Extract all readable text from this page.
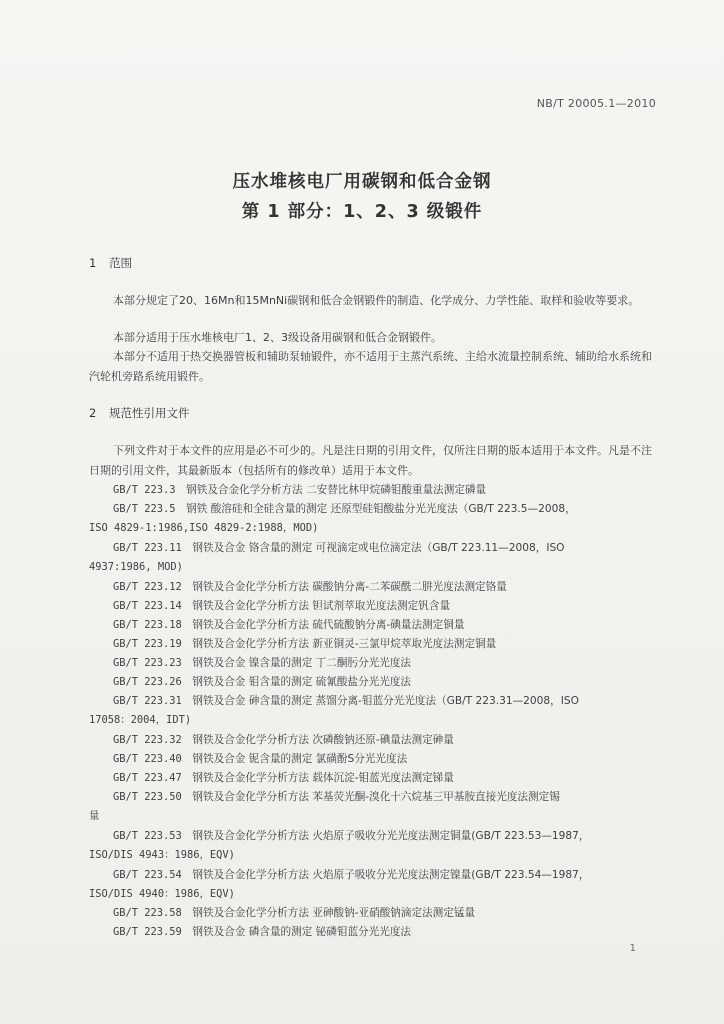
NB/T 20005.1—2010
压水堆核电厂用碳钢和低合金钢
第 1 部分：1、2、3 级锻件
1 范围
本部分规定了20、16Mn和15MnNi碳钢和低合金钢锻件的制造、化学成分、力学性能、取样和验收等要求。
本部分适用于压水堆核电厂1、2、3级设备用碳钢和低合金钢锻件。
本部分不适用于热交换器管板和辅助泵轴锻件，亦不适用于主蒸汽系统、主给水流量控制系统、辅助给水系统和汽轮机旁路系统用锻件。
2 规范性引用文件
下列文件对于本文件的应用是必不可少的。凡是注日期的引用文件，仅所注日期的版本适用于本文件。凡是不注日期的引用文件，其最新版本（包括所有的修改单）适用于本文件。
GB/T 223.3   钢铁及合金化学分析方法 二安替比林甲烷磷钼酸重量法测定磷量
GB/T 223.5   钢铁 酸溶硅和全硅含量的测定 还原型硅钼酸盐分光光度法（GB/T 223.5—2008，
ISO 4829-1:1986,ISO 4829-2:1988，MOD)
GB/T 223.11   钢铁及合金 铬含量的测定 可视滴定或电位滴定法（GB/T 223.11—2008，ISO
4937:1986, MOD)
GB/T 223.12   钢铁及合金化学分析方法 碳酸钠分离-二苯碳酰二肼光度法测定铬量
GB/T 223.14   钢铁及合金化学分析方法 钽试剂萃取光度法测定钒含量
GB/T 223.18   钢铁及合金化学分析方法 硫代硫酸钠分离-碘量法测定铜量
GB/T 223.19   钢铁及合金化学分析方法 新亚铜灵-三氯甲烷萃取光度法测定铜量
GB/T 223.23   钢铁及合金 镍含量的测定 丁二酮肟分光光度法
GB/T 223.26   钢铁及合金 钼含量的测定 硫氰酸盐分光光度法
GB/T 223.31   钢铁及合金 砷含量的测定 蒸馏分离-钼蓝分光光度法（GB/T 223.31—2008，ISO
17058：2004，IDT)
GB/T 223.32   钢铁及合金化学分析方法 次磷酸钠还原-碘量法测定砷量
GB/T 223.40   钢铁及合金 铌含量的测定 氯磺酚S分光光度法
GB/T 223.47   钢铁及合金化学分析方法 载体沉淀-钼蓝光度法测定锑量
GB/T 223.50   钢铁及合金化学分析方法 苯基荧光酮-溴化十六烷基三甲基胺直接光度法测定锡
量
GB/T 223.53   钢铁及合金化学分析方法 火焰原子吸收分光光度法测定铜量(GB/T 223.53—1987，
ISO/DIS 4943：1986，EQV)
GB/T 223.54   钢铁及合金化学分析方法 火焰原子吸收分光光度法测定镍量(GB/T 223.54—1987，
ISO/DIS 4940：1986，EQV)
GB/T 223.58   钢铁及合金化学分析方法 亚砷酸钠-亚硝酸钠滴定法测定锰量
GB/T 223.59   钢铁及合金 磷含量的测定 铋磷钼蓝分光光度法
1
